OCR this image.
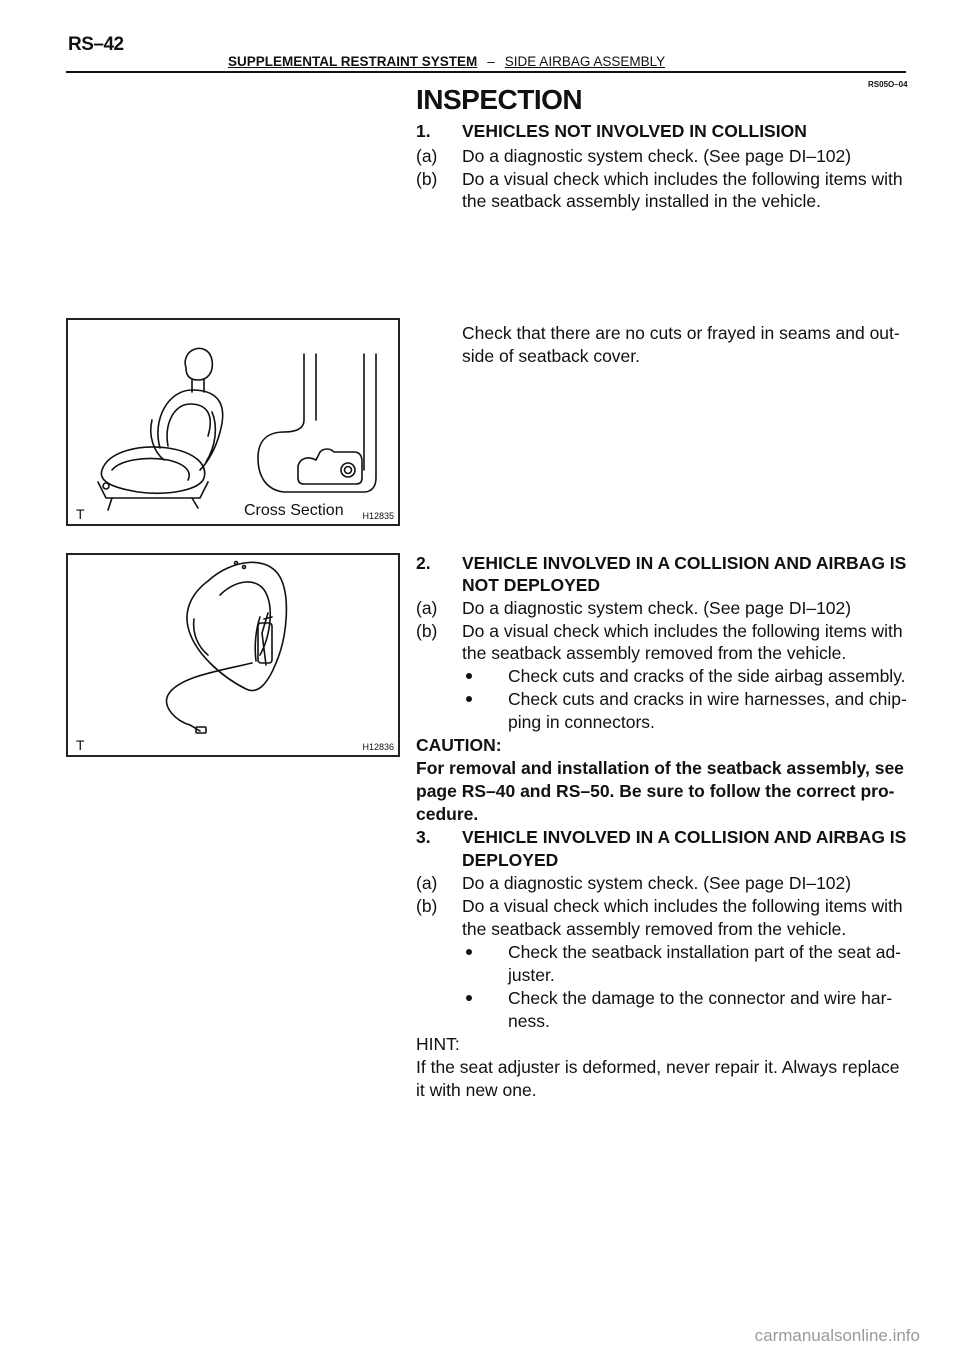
RS–42
SUPPLEMENTAL RESTRAINT SYSTEM – SIDE AIRBAG ASSEMBLY
RS05O–04
INSPECTION
1. VEHICLES NOT INVOLVED IN COLLISION
(a) Do a diagnostic system check. (See page DI–102)
(b) Do a visual check which includes the following items with
the seatback assembly installed in the vehicle.
Check that there are no cuts or frayed in seams and out-
side of seatback cover.
T	Cross Section H12835
T	H12836
2. VEHICLE INVOLVED IN A COLLISION AND AIRBAG IS
NOT DEPLOYED
(a) Do a diagnostic system check. (See page DI–102)
(b) Do a visual check which includes the following items with
the seatback assembly removed from the vehicle.
Check cuts and cracks of the side airbag assembly.
Check cuts and cracks in wire harnesses, and chip-
ping in connectors.
CAUTION:
For removal and installation of the seatback assembly, see
page RS–40 and RS–50. Be sure to follow the correct pro-
cedure.
3. VEHICLE INVOLVED IN A COLLISION AND AIRBAG IS
DEPLOYED
(a) Do a diagnostic system check. (See page DI–102)
(b) Do a visual check which includes the following items with
the seatback assembly removed from the vehicle.
Check the seatback installation part of the seat ad-
juster.
Check the damage to the connector and wire har-
ness.
HINT:
If the seat adjuster is deformed, never repair it. Always replace
it with new one.
carmanualsonline.info
